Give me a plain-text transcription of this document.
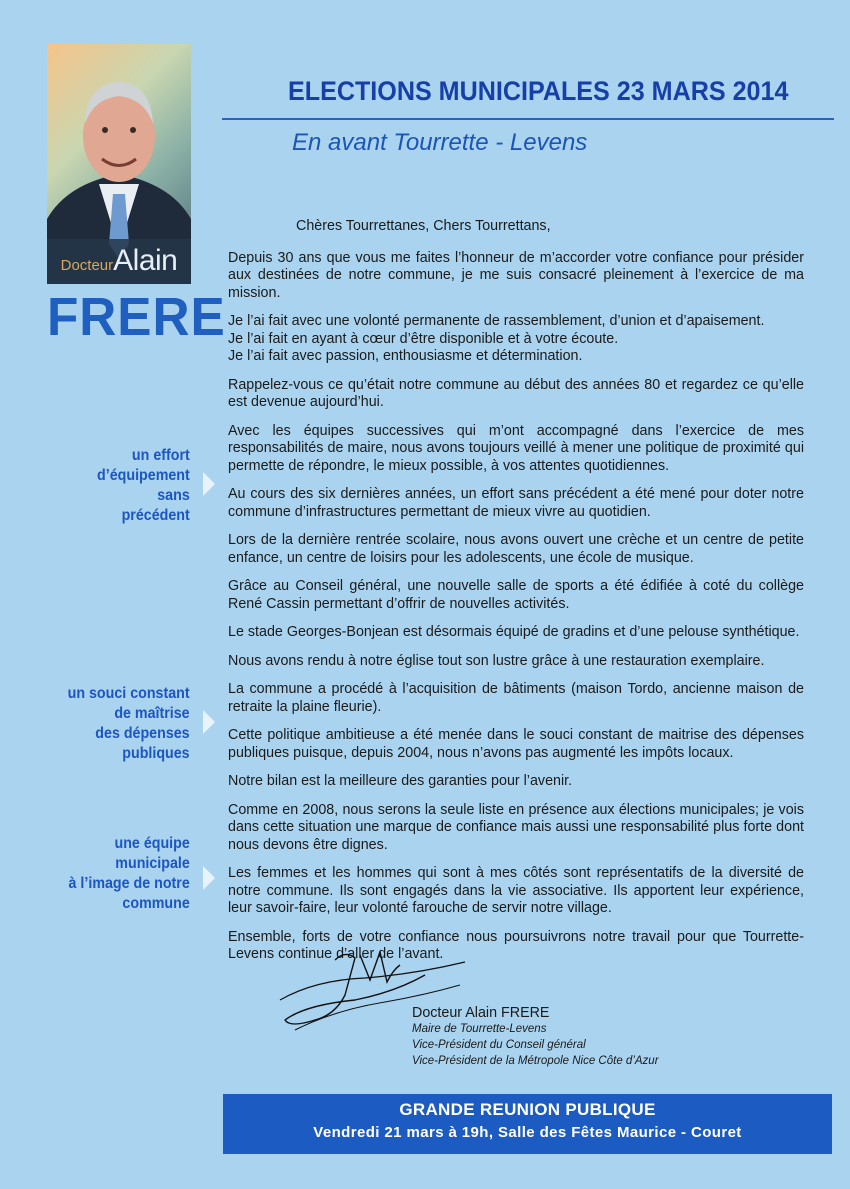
DocteurAlain
FRERE
ELECTIONS MUNICIPALES 23 MARS 2014
En avant Tourrette - Levens
un effort
d’équipement
sans
précédent
un souci constant
de maîtrise
des dépenses
publiques
une équipe
municipale
à l’image de notre
commune

Chères Tourrettanes, Chers Tourrettans,

Depuis 30 ans que vous me faites l’honneur de m’accorder votre confiance pour présider aux destinées de notre commune, je me suis consacré pleinement à l’exercice de ma mission.

Je l’ai fait avec une volonté permanente de rassemblement, d’union et d’apaisement.

Je l’ai fait en ayant à cœur d’être disponible et à votre écoute.

Je l’ai fait avec passion, enthousiasme et détermination.

Rappelez-vous ce qu’était notre commune au début des années 80 et regardez ce qu’elle est devenue aujourd’hui.

Avec les équipes successives qui m’ont accompagné dans l’exercice de mes responsabilités de maire, nous avons toujours veillé à mener une politique de proximité qui permette de répondre, le mieux possible, à vos attentes quotidiennes.

Au cours des six dernières années, un effort sans précédent a été mené pour doter notre commune d’infrastructures permettant de mieux vivre au quotidien.

Lors de la dernière rentrée scolaire, nous avons ouvert une crèche et un centre de petite enfance, un centre de loisirs pour les adolescents, une école de musique.

Grâce au Conseil général, une nouvelle salle de sports a été édifiée à coté du collège René Cassin permettant d’offrir de nouvelles activités.

Le stade Georges-Bonjean est désormais équipé de gradins et d’une pelouse synthétique.

Nous avons rendu à notre église tout son lustre grâce à une restauration exemplaire.

La commune a procédé à l’acquisition de bâtiments (maison Tordo, ancienne maison de retraite la plaine fleurie).

Cette politique ambitieuse a été menée dans le souci constant de maitrise des dépenses publiques puisque, depuis 2004, nous n’avons pas augmenté les impôts locaux.

Notre bilan est la meilleure des garanties pour l’avenir.

Comme en 2008, nous serons la seule liste en présence aux élections municipales; je vois dans cette situation une marque de confiance mais aussi une responsabilité plus forte dont nous devons être dignes.

Les femmes et les hommes qui sont à mes côtés sont représentatifs de la diversité de notre commune. Ils sont engagés dans la vie associative. Ils apportent leur expérience, leur savoir-faire, leur volonté farouche de servir notre village.

Ensemble, forts de votre confiance nous poursuivrons notre travail pour que Tourrette-Levens continue d’aller de l’avant.

Docteur Alain FRERE
Maire de Tourrette-Levens
Vice-Président du Conseil général
Vice-Président de la Métropole Nice Côte d’Azur
GRANDE REUNION PUBLIQUE
Vendredi 21 mars à 19h, Salle des Fêtes Maurice - Couret
